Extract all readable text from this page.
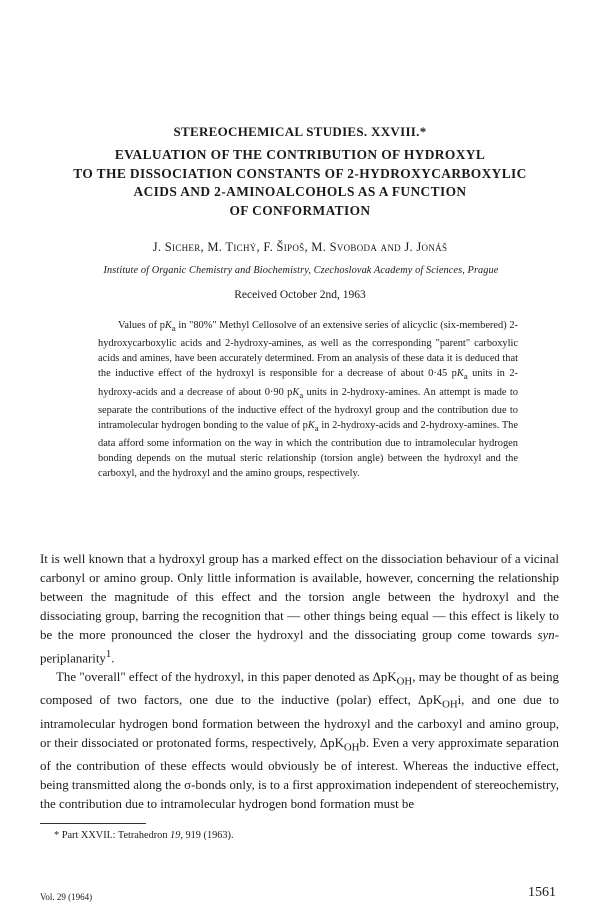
STEREOCHEMICAL STUDIES. XXVIII.*
EVALUATION OF THE CONTRIBUTION OF HYDROXYL
TO THE DISSOCIATION CONSTANTS OF 2-HYDROXYCARBOXYLIC
ACIDS AND 2-AMINOALCOHOLS AS A FUNCTION
OF CONFORMATION
J. Sicher, M. Tichý, F. Šipoš, M. Svoboda and J. Jonáš
Institute of Organic Chemistry and Biochemistry, Czechoslovak Academy of Sciences, Prague
Received October 2nd, 1963
Values of $pK_a$ in "80%" Methyl Cellosolve of an extensive series of alicyclic (six-membered) 2-hydroxycarboxylic acids and 2-hydroxy-amines, as well as the corresponding "parent" carboxylic acids and amines, have been accurately determined. From an analysis of these data it is deduced that the inductive effect of the hydroxyl is responsible for a decrease of about 0·45 $pK_a$ units in 2-hydroxy-acids and a decrease of about 0·90 $pK_a$ units in 2-hydroxy-amines. An attempt is made to separate the contributions of the inductive effect of the hydroxyl group and the contribution due to intramolecular hydrogen bonding to the value of $pK_a$ in 2-hydroxy-acids and 2-hydroxy-amines. The data afford some information on the way in which the contribution due to intramolecular hydrogen bonding depends on the mutual steric relationship (torsion angle) between the hydroxyl and the carboxyl, and the hydroxyl and the amino groups, respectively.

It is well known that a hydroxyl group has a marked effect on the dissociation behaviour of a vicinal carbonyl or amino group. Only little information is available, however, concerning the relationship between the magnitude of this effect and the torsion angle between the hydroxyl and the dissociating group, barring the recognition that — other things being equal — this effect is likely to be the more pronounced the closer the hydroxyl and the dissociating group come towards syn-periplanarity$^1$.

The "overall" effect of the hydroxyl, in this paper denoted as ΔpK$_{OH}$, may be thought of as being composed of two factors, one due to the inductive (polar) effect, ΔpK$_{OH}$i, and one due to intramolecular hydrogen bond formation between the hydroxyl and the carboxyl and amino group, or their dissociated or protonated forms, respectively, ΔpK$_{OH}$b. Even a very approximate separation of the contribution of these effects would obviously be of interest. Whereas the inductive effect, being transmitted along the σ-bonds only, is to a first approximation independent of stereochemistry, the contribution due to intramolecular hydrogen bond formation must be

* Part XXVII.: Tetrahedron 19, 919 (1963).
Vol. 29 (1964)	1561
